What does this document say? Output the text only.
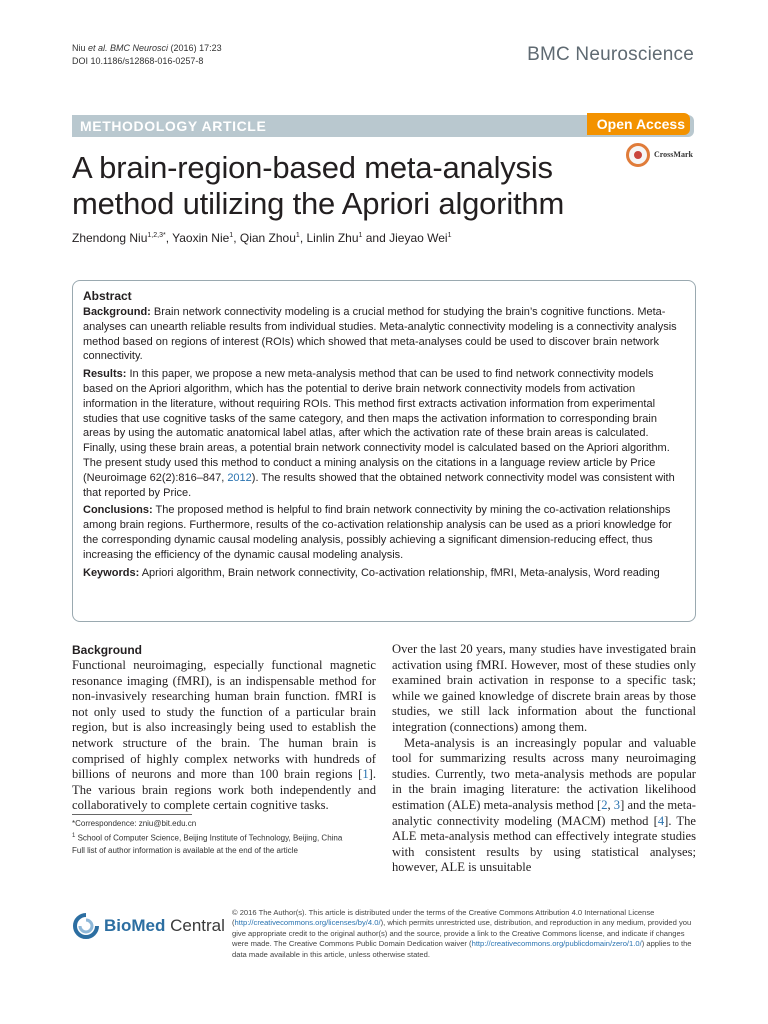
Niu et al. BMC Neurosci (2016) 17:23
DOI 10.1186/s12868-016-0257-8	BMC Neuroscience
METHODOLOGY ARTICLE	Open Access
CrossMark
A brain-region-based meta-analysis method utilizing the Apriori algorithm
Zhendong Niu$^{1,2,3*}$, Yaoxin Nie$^1$, Qian Zhou$^1$, Linlin Zhu$^1$ and Jieyao Wei$^1$
Abstract

Background: Brain network connectivity modeling is a crucial method for studying the brain’s cognitive functions. Meta-analyses can unearth reliable results from individual studies. Meta-analytic connectivity modeling is a connectivity analysis method based on regions of interest (ROIs) which showed that meta-analyses could be used to discover brain network connectivity.

Results: In this paper, we propose a new meta-analysis method that can be used to find network connectivity models based on the Apriori algorithm, which has the potential to derive brain network connectivity models from activation information in the literature, without requiring ROIs. This method first extracts activation information from experimental studies that use cognitive tasks of the same category, and then maps the activation information to corresponding brain areas by using the automatic anatomical label atlas, after which the activation rate of these brain areas is calculated. Finally, using these brain areas, a potential brain network connectivity model is calculated based on the Apriori algorithm. The present study used this method to conduct a mining analysis on the citations in a language review article by Price (Neuroimage 62(2):816–847, 2012). The results showed that the obtained network connectivity model was consistent with that reported by Price.

Conclusions: The proposed method is helpful to find brain network connectivity by mining the co-activation relationships among brain regions. Furthermore, results of the co-activation relationship analysis can be used as a priori knowledge for the corresponding dynamic causal modeling analysis, possibly achieving a significant dimension-reducing effect, thus increasing the efficiency of the dynamic causal modeling analysis.

Keywords: Apriori algorithm, Brain network connectivity, Co-activation relationship, fMRI, Meta-analysis, Word reading

Background

Functional neuroimaging, especially functional magnetic resonance imaging (fMRI), is an indispensable method for non-invasively researching human brain function. fMRI is not only used to study the function of a particular brain region, but is also increasingly being used to establish the network structure of the brain. The human brain is comprised of highly complex networks with hundreds of billions of neurons and more than 100 brain regions [1]. The various brain regions work both independently and collaboratively to complete certain cognitive tasks.

Over the last 20 years, many studies have investigated brain activation using fMRI. However, most of these studies only examined brain activation in response to a specific task; while we gained knowledge of discrete brain areas by those studies, we still lack information about the functional integration (connections) among them.

Meta-analysis is an increasingly popular and valuable tool for summarizing results across many neuroimaging studies. Currently, two meta-analysis methods are popular in the brain imaging literature: the activation likelihood estimation (ALE) meta-analysis method [2, 3] and the meta-analytic connectivity modeling (MACM) method [4]. The ALE meta-analysis method can effectively integrate studies with consistent results by using statistical analyses; however, ALE is unsuitable

*Correspondence: zniu@bit.edu.cn
$^1$ School of Computer Science, Beijing Institute of Technology, Beijing, China
Full list of author information is available at the end of the article
BioMed Central
© 2016 The Author(s). This article is distributed under the terms of the Creative Commons Attribution 4.0 International License (http://creativecommons.org/licenses/by/4.0/), which permits unrestricted use, distribution, and reproduction in any medium, provided you give appropriate credit to the original author(s) and the source, provide a link to the Creative Commons license, and indicate if changes were made. The Creative Commons Public Domain Dedication waiver (http://creativecommons.org/publicdomain/zero/1.0/) applies to the data made available in this article, unless otherwise stated.
